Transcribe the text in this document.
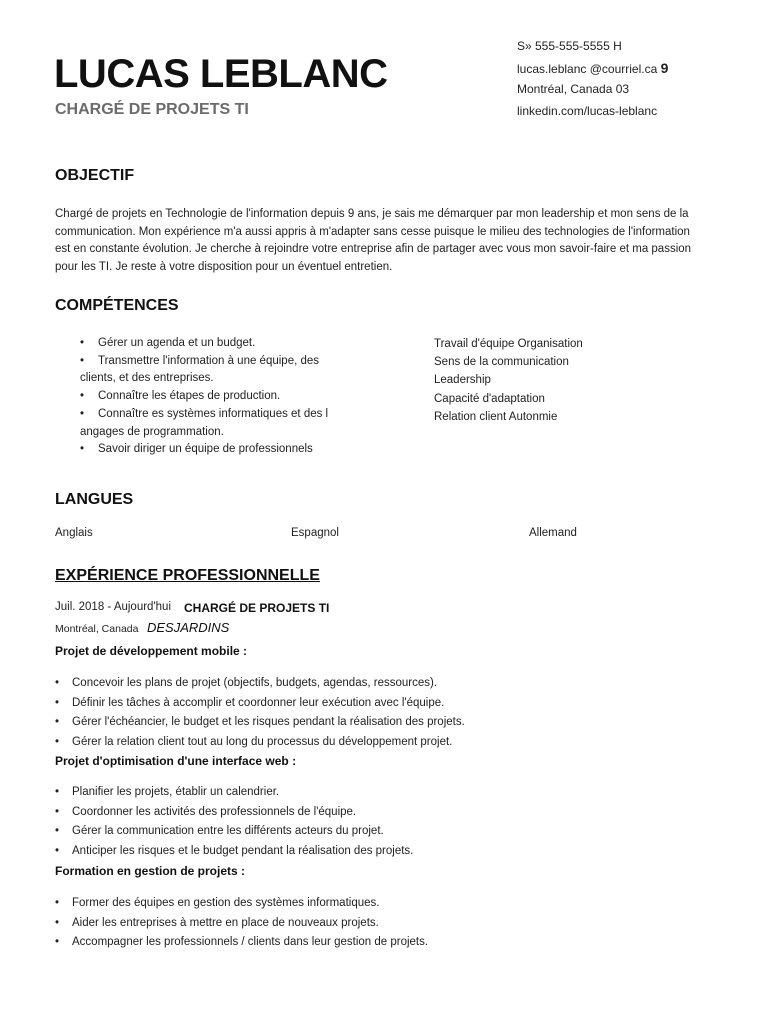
LUCAS LEBLANC
CHARGÉ DE PROJETS TI
S» 555-555-5555 H
lucas.leblanc @courriel.ca 9
Montréal, Canada 03
linkedin.com/lucas-leblanc
OBJECTIF
Chargé de projets en Technologie de l'information depuis 9 ans, je sais me démarquer par mon leadership et mon sens de la
communication. Mon expérience m'a aussi appris à m'adapter sans cesse puisque le milieu des technologies de l'information
est en constante évolution. Je cherche à rejoindre votre entreprise afin de partager avec vous mon savoir-faire et ma passion
pour les TI. Je reste à votre disposition pour un éventuel entretien.
COMPÉTENCES
• Gérer un agenda et un budget.
• Transmettre l'information à une équipe, des
clients, et des entreprises.
• Connaître les étapes de production.
• Connaître es systèmes informatiques et des l
angages de programmation.
• Savoir diriger un équipe de professionnels
Travail d'équipe Organisation
Sens de la communication
Leadership
Capacité d'adaptation
Relation client Autonmie
LANGUES
Anglais	Espagnol	Allemand
EXPÉRIENCE PROFESSIONNELLE
Juil. 2018 - Aujourd'hui CHARGÉ DE PROJETS TI
Montréal, Canada DESJARDINS
Projet de développement mobile :
• Concevoir les plans de projet (objectifs, budgets, agendas, ressources).
• Définir les tâches à accomplir et coordonner leur exécution avec l'équipe.
• Gérer l'échéancier, le budget et les risques pendant la réalisation des projets.
• Gérer la relation client tout au long du processus du développement projet.
Projet d'optimisation d'une interface web :
• Planifier les projets, établir un calendrier.
• Coordonner les activités des professionnels de l'équipe.
• Gérer la communication entre les différents acteurs du projet.
• Anticiper les risques et le budget pendant la réalisation des projets.
Formation en gestion de projets :
• Former des équipes en gestion des systèmes informatiques.
• Aider les entreprises à mettre en place de nouveaux projets.
• Accompagner les professionnels / clients dans leur gestion de projets.
